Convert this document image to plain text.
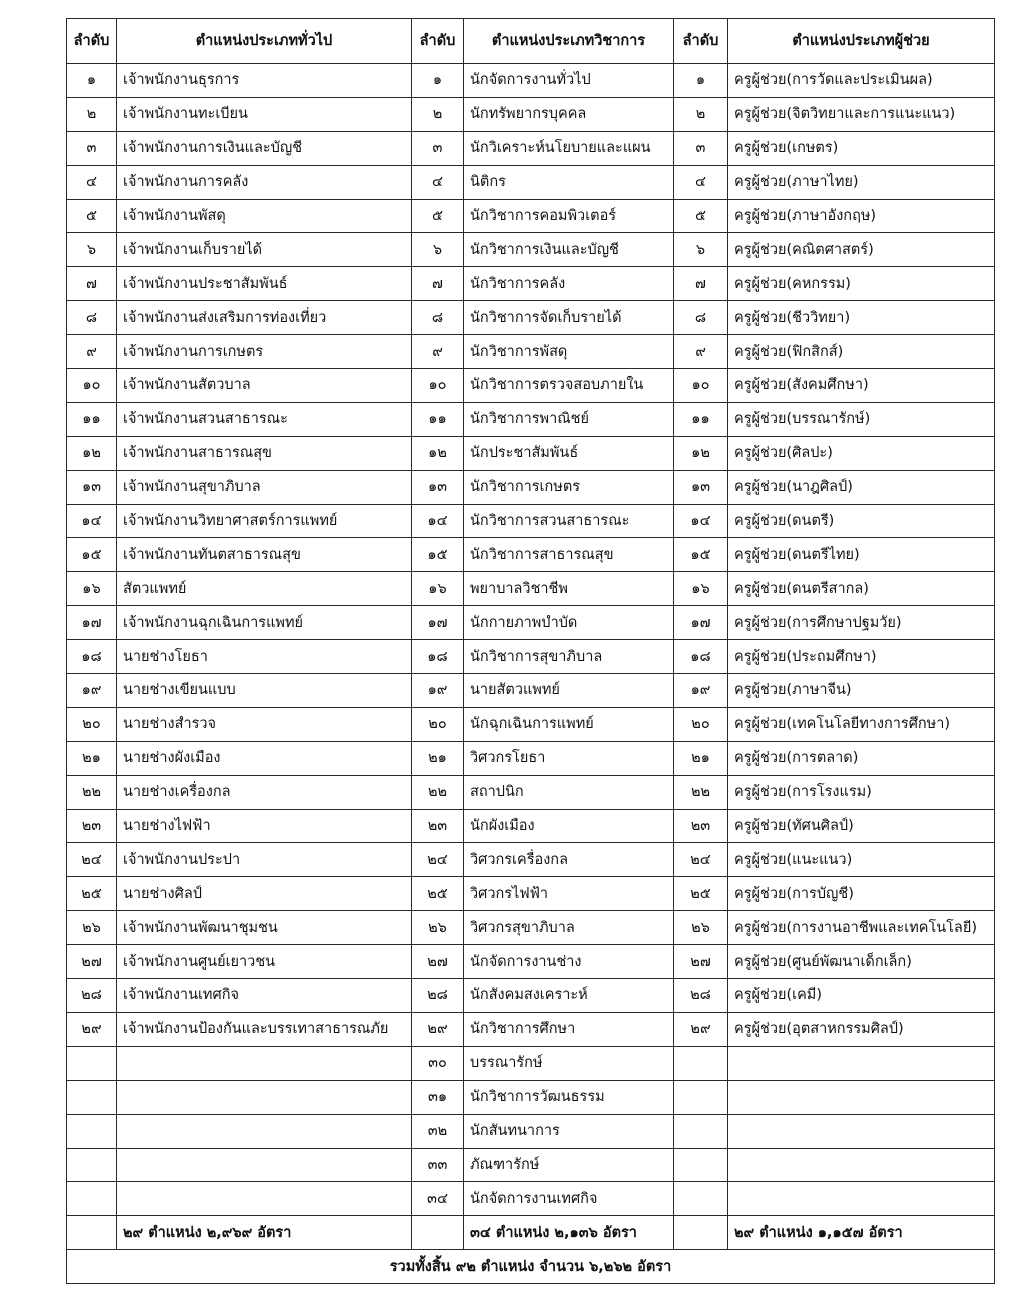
ลำดับ	ตำแหน่งประเภททั่วไป	ลำดับ	ตำแหน่งประเภทวิชาการ	ลำดับ	ตำแหน่งประเภทผู้ช่วย
๑	เจ้าพนักงานธุรการ	๑	นักจัดการงานทั่วไป	๑	ครูผู้ช่วย(การวัดและประเมินผล)
๒	เจ้าพนักงานทะเบียน	๒	นักทรัพยากรบุคคล	๒	ครูผู้ช่วย(จิตวิทยาและการแนะแนว)
๓	เจ้าพนักงานการเงินและบัญชี	๓	นักวิเคราะห์นโยบายและแผน	๓	ครูผู้ช่วย(เกษตร)
๔	เจ้าพนักงานการคลัง	๔	นิติกร	๔	ครูผู้ช่วย(ภาษาไทย)
๕	เจ้าพนักงานพัสดุ	๕	นักวิชาการคอมพิวเตอร์	๕	ครูผู้ช่วย(ภาษาอังกฤษ)
๖	เจ้าพนักงานเก็บรายได้	๖	นักวิชาการเงินและบัญชี	๖	ครูผู้ช่วย(คณิตศาสตร์)
๗	เจ้าพนักงานประชาสัมพันธ์	๗	นักวิชาการคลัง	๗	ครูผู้ช่วย(คหกรรม)
๘	เจ้าพนักงานส่งเสริมการท่องเที่ยว	๘	นักวิชาการจัดเก็บรายได้	๘	ครูผู้ช่วย(ชีววิทยา)
๙	เจ้าพนักงานการเกษตร	๙	นักวิชาการพัสดุ	๙	ครูผู้ช่วย(ฟิกสิกส์)
๑๐	เจ้าพนักงานสัตวบาล	๑๐	นักวิชาการตรวจสอบภายใน	๑๐	ครูผู้ช่วย(สังคมศึกษา)
๑๑	เจ้าพนักงานสวนสาธารณะ	๑๑	นักวิชาการพาณิชย์	๑๑	ครูผู้ช่วย(บรรณารักษ์)
๑๒	เจ้าพนักงานสาธารณสุข	๑๒	นักประชาสัมพันธ์	๑๒	ครูผู้ช่วย(ศิลปะ)
๑๓	เจ้าพนักงานสุขาภิบาล	๑๓	นักวิชาการเกษตร	๑๓	ครูผู้ช่วย(นาฎศิลป์)
๑๔	เจ้าพนักงานวิทยาศาสตร์การแพทย์	๑๔	นักวิชาการสวนสาธารณะ	๑๔	ครูผู้ช่วย(ดนตรี)
๑๕	เจ้าพนักงานทันตสาธารณสุข	๑๕	นักวิชาการสาธารณสุข	๑๕	ครูผู้ช่วย(ดนตรีไทย)
๑๖	สัตวแพทย์	๑๖	พยาบาลวิชาชีพ	๑๖	ครูผู้ช่วย(ดนตรีสากล)
๑๗	เจ้าพนักงานฉุกเฉินการแพทย์	๑๗	นักกายภาพบำบัด	๑๗	ครูผู้ช่วย(การศึกษาปฐมวัย)
๑๘	นายช่างโยธา	๑๘	นักวิชาการสุขาภิบาล	๑๘	ครูผู้ช่วย(ประถมศึกษา)
๑๙	นายช่างเขียนแบบ	๑๙	นายสัตวแพทย์	๑๙	ครูผู้ช่วย(ภาษาจีน)
๒๐	นายช่างสำรวจ	๒๐	นักฉุกเฉินการแพทย์	๒๐	ครูผู้ช่วย(เทคโนโลยีทางการศึกษา)
๒๑	นายช่างผังเมือง	๒๑	วิศวกรโยธา	๒๑	ครูผู้ช่วย(การตลาด)
๒๒	นายช่างเครื่องกล	๒๒	สถาปนิก	๒๒	ครูผู้ช่วย(การโรงแรม)
๒๓	นายช่างไฟฟ้า	๒๓	นักผังเมือง	๒๓	ครูผู้ช่วย(ทัศนศิลป์)
๒๔	เจ้าพนักงานประปา	๒๔	วิศวกรเครื่องกล	๒๔	ครูผู้ช่วย(แนะแนว)
๒๕	นายช่างศิลป์	๒๕	วิศวกรไฟฟ้า	๒๕	ครูผู้ช่วย(การบัญชี)
๒๖	เจ้าพนักงานพัฒนาชุมชน	๒๖	วิศวกรสุขาภิบาล	๒๖	ครูผู้ช่วย(การงานอาชีพและเทคโนโลยี)
๒๗	เจ้าพนักงานศูนย์เยาวชน	๒๗	นักจัดการงานช่าง	๒๗	ครูผู้ช่วย(ศูนย์พัฒนาเด็กเล็ก)
๒๘	เจ้าพนักงานเทศกิจ	๒๘	นักสังคมสงเคราะห์	๒๘	ครูผู้ช่วย(เคมี)
๒๙	เจ้าพนักงานป้องกันและบรรเทาสาธารณภัย	๒๙	นักวิชาการศึกษา	๒๙	ครูผู้ช่วย(อุตสาหกรรมศิลป์)
		๓๐	บรรณารักษ์		
		๓๑	นักวิชาการวัฒนธรรม		
		๓๒	นักสันทนาการ		
		๓๓	ภัณฑารักษ์		
		๓๔	นักจัดการงานเทศกิจ		
	๒๙ ตำแหน่ง ๒,๙๖๙ อัตรา		๓๔ ตำแหน่ง ๒,๑๓๖ อัตรา		๒๙ ตำแหน่ง ๑,๑๕๗ อัตรา
รวมทั้งสิ้น ๙๒ ตำแหน่ง จำนวน ๖,๒๖๒ อัตรา					
